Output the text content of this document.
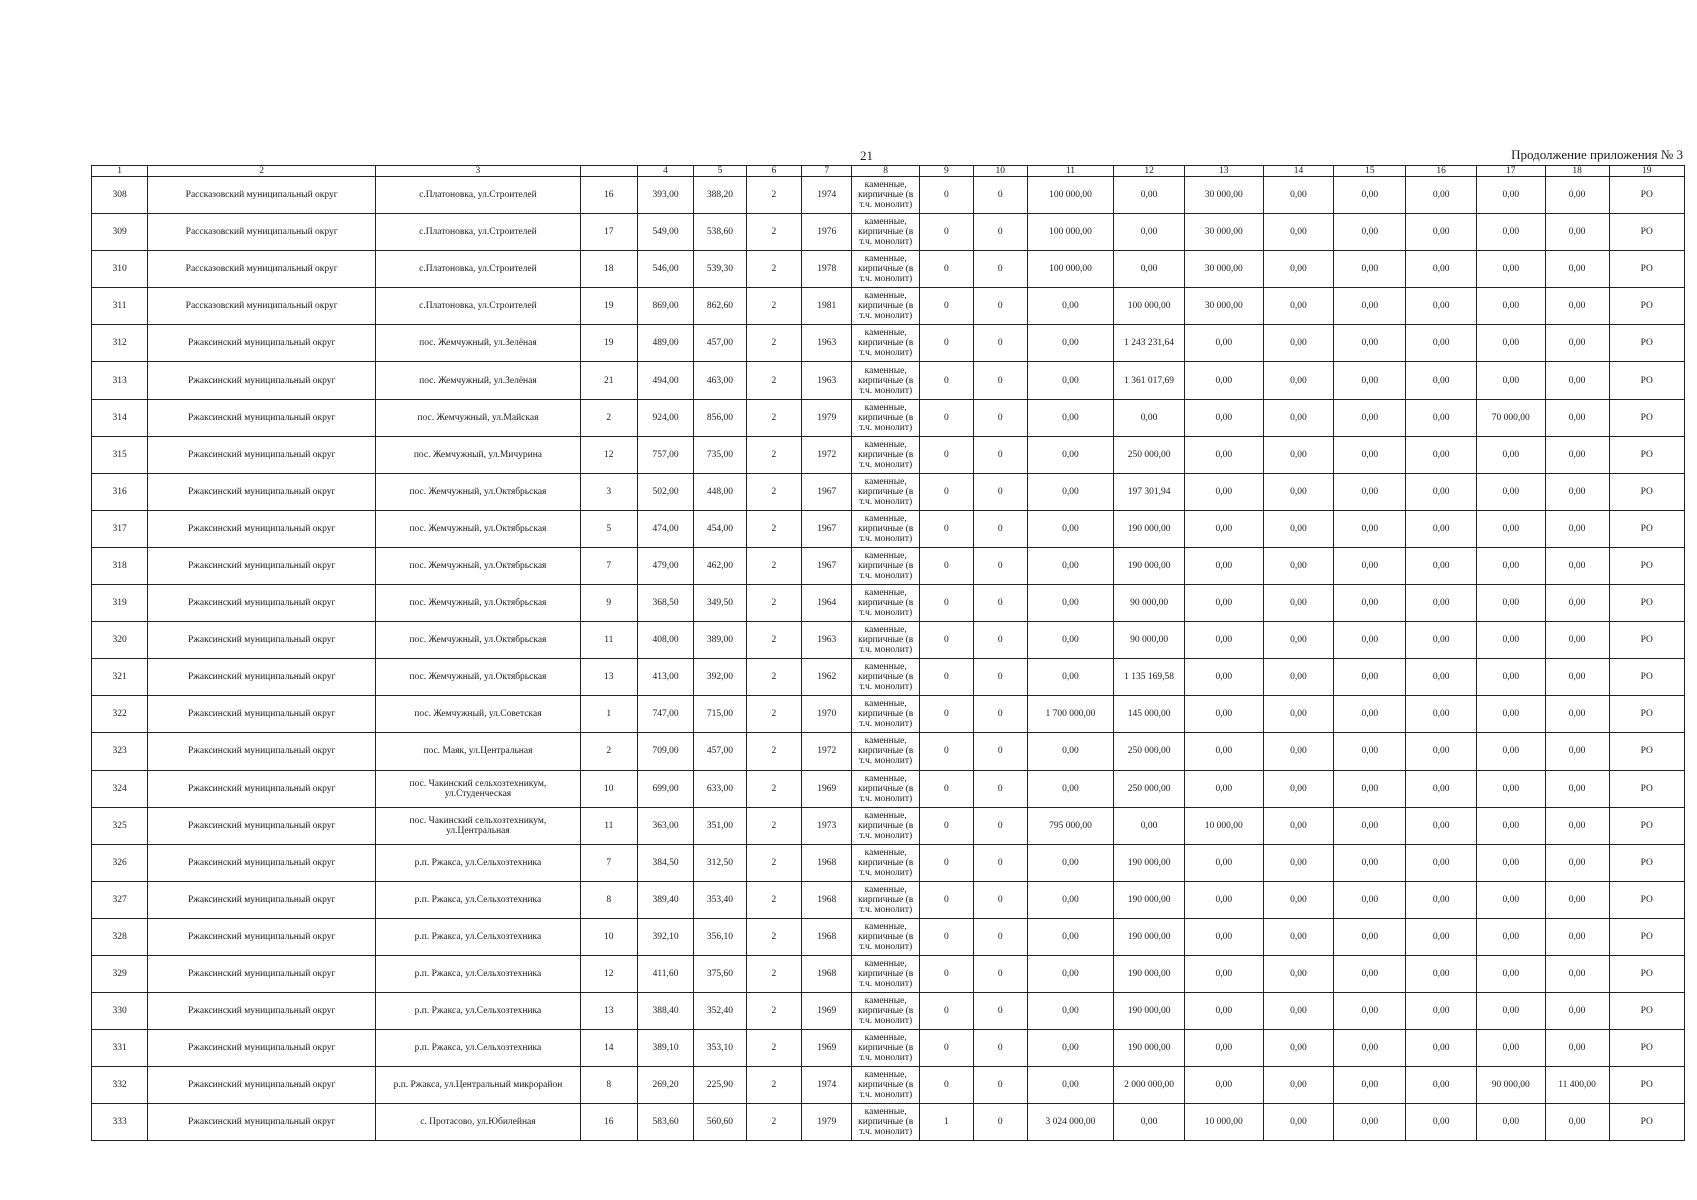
21	Продолжение приложения № 3
1	2	3		4	5	6	7	8	9	10	11	12	13	14	15	16	17	18	19
308	Рассказовский муниципальный округ	с.Платоновка, ул.Строителей	16	393,00	388,20	2	1974	каменные, кирпичные (в т.ч. монолит)	0	0	100 000,00	0,00	30 000,00	0,00	0,00	0,00	0,00	0,00	РО
309	Рассказовский муниципальный округ	с.Платоновка, ул.Строителей	17	549,00	538,60	2	1976	каменные, кирпичные (в т.ч. монолит)	0	0	100 000,00	0,00	30 000,00	0,00	0,00	0,00	0,00	0,00	РО
310	Рассказовский муниципальный округ	с.Платоновка, ул.Строителей	18	546,00	539,30	2	1978	каменные, кирпичные (в т.ч. монолит)	0	0	100 000,00	0,00	30 000,00	0,00	0,00	0,00	0,00	0,00	РО
311	Рассказовский муниципальный округ	с.Платоновка, ул.Строителей	19	869,00	862,60	2	1981	каменные, кирпичные (в т.ч. монолит)	0	0	0,00	100 000,00	30 000,00	0,00	0,00	0,00	0,00	0,00	РО
312	Ржаксинский муниципальный округ	пос. Жемчужный, ул.Зелёная	19	489,00	457,00	2	1963	каменные, кирпичные (в т.ч. монолит)	0	0	0,00	1 243 231,64	0,00	0,00	0,00	0,00	0,00	0,00	РО
313	Ржаксинский муниципальный округ	пос. Жемчужный, ул.Зелёная	21	494,00	463,00	2	1963	каменные, кирпичные (в т.ч. монолит)	0	0	0,00	1 361 017,69	0,00	0,00	0,00	0,00	0,00	0,00	РО
314	Ржаксинский муниципальный округ	пос. Жемчужный, ул.Майская	2	924,00	856,00	2	1979	каменные, кирпичные (в т.ч. монолит)	0	0	0,00	0,00	0,00	0,00	0,00	0,00	70 000,00	0,00	РО
315	Ржаксинский муниципальный округ	пос. Жемчужный, ул.Мичурина	12	757,00	735,00	2	1972	каменные, кирпичные (в т.ч. монолит)	0	0	0,00	250 000,00	0,00	0,00	0,00	0,00	0,00	0,00	РО
316	Ржаксинский муниципальный округ	пос. Жемчужный, ул.Октябрьская	3	502,00	448,00	2	1967	каменные, кирпичные (в т.ч. монолит)	0	0	0,00	197 301,94	0,00	0,00	0,00	0,00	0,00	0,00	РО
317	Ржаксинский муниципальный округ	пос. Жемчужный, ул.Октябрьская	5	474,00	454,00	2	1967	каменные, кирпичные (в т.ч. монолит)	0	0	0,00	190 000,00	0,00	0,00	0,00	0,00	0,00	0,00	РО
318	Ржаксинский муниципальный округ	пос. Жемчужный, ул.Октябрьская	7	479,00	462,00	2	1967	каменные, кирпичные (в т.ч. монолит)	0	0	0,00	190 000,00	0,00	0,00	0,00	0,00	0,00	0,00	РО
319	Ржаксинский муниципальный округ	пос. Жемчужный, ул.Октябрьская	9	368,50	349,50	2	1964	каменные, кирпичные (в т.ч. монолит)	0	0	0,00	90 000,00	0,00	0,00	0,00	0,00	0,00	0,00	РО
320	Ржаксинский муниципальный округ	пос. Жемчужный, ул.Октябрьская	11	408,00	389,00	2	1963	каменные, кирпичные (в т.ч. монолит)	0	0	0,00	90 000,00	0,00	0,00	0,00	0,00	0,00	0,00	РО
321	Ржаксинский муниципальный округ	пос. Жемчужный, ул.Октябрьская	13	413,00	392,00	2	1962	каменные, кирпичные (в т.ч. монолит)	0	0	0,00	1 135 169,58	0,00	0,00	0,00	0,00	0,00	0,00	РО
322	Ржаксинский муниципальный округ	пос. Жемчужный, ул.Советская	1	747,00	715,00	2	1970	каменные, кирпичные (в т.ч. монолит)	0	0	1 700 000,00	145 000,00	0,00	0,00	0,00	0,00	0,00	0,00	РО
323	Ржаксинский муниципальный округ	пос. Маяк, ул.Центральная	2	709,00	457,00	2	1972	каменные, кирпичные (в т.ч. монолит)	0	0	0,00	250 000,00	0,00	0,00	0,00	0,00	0,00	0,00	РО
324	Ржаксинский муниципальный округ	пос. Чакинский сельхозтехникум, ул.Студенческая	10	699,00	633,00	2	1969	каменные, кирпичные (в т.ч. монолит)	0	0	0,00	250 000,00	0,00	0,00	0,00	0,00	0,00	0,00	РО
325	Ржаксинский муниципальный округ	пос. Чакинский сельхозтехникум, ул.Центральная	11	363,00	351,00	2	1973	каменные, кирпичные (в т.ч. монолит)	0	0	795 000,00	0,00	10 000,00	0,00	0,00	0,00	0,00	0,00	РО
326	Ржаксинский муниципальный округ	р.п. Ржакса, ул.Сельхозтехника	7	384,50	312,50	2	1968	каменные, кирпичные (в т.ч. монолит)	0	0	0,00	190 000,00	0,00	0,00	0,00	0,00	0,00	0,00	РО
327	Ржаксинский муниципальный округ	р.п. Ржакса, ул.Сельхозтехника	8	389,40	353,40	2	1968	каменные, кирпичные (в т.ч. монолит)	0	0	0,00	190 000,00	0,00	0,00	0,00	0,00	0,00	0,00	РО
328	Ржаксинский муниципальный округ	р.п. Ржакса, ул.Сельхозтехника	10	392,10	356,10	2	1968	каменные, кирпичные (в т.ч. монолит)	0	0	0,00	190 000,00	0,00	0,00	0,00	0,00	0,00	0,00	РО
329	Ржаксинский муниципальный округ	р.п. Ржакса, ул.Сельхозтехника	12	411,60	375,60	2	1968	каменные, кирпичные (в т.ч. монолит)	0	0	0,00	190 000,00	0,00	0,00	0,00	0,00	0,00	0,00	РО
330	Ржаксинский муниципальный округ	р.п. Ржакса, ул.Сельхозтехника	13	388,40	352,40	2	1969	каменные, кирпичные (в т.ч. монолит)	0	0	0,00	190 000,00	0,00	0,00	0,00	0,00	0,00	0,00	РО
331	Ржаксинский муниципальный округ	р.п. Ржакса, ул.Сельхозтехника	14	389,10	353,10	2	1969	каменные, кирпичные (в т.ч. монолит)	0	0	0,00	190 000,00	0,00	0,00	0,00	0,00	0,00	0,00	РО
332	Ржаксинский муниципальный округ	р.п. Ржакса, ул.Центральный микрорайон	8	269,20	225,90	2	1974	каменные, кирпичные (в т.ч. монолит)	0	0	0,00	2 000 000,00	0,00	0,00	0,00	0,00	90 000,00	11 400,00	РО
333	Ржаксинский муниципальный округ	с. Протасово, ул.Юбилейная	16	583,60	560,60	2	1979	каменные, кирпичные (в т.ч. монолит)	1	0	3 024 000,00	0,00	10 000,00	0,00	0,00	0,00	0,00	0,00	РО
